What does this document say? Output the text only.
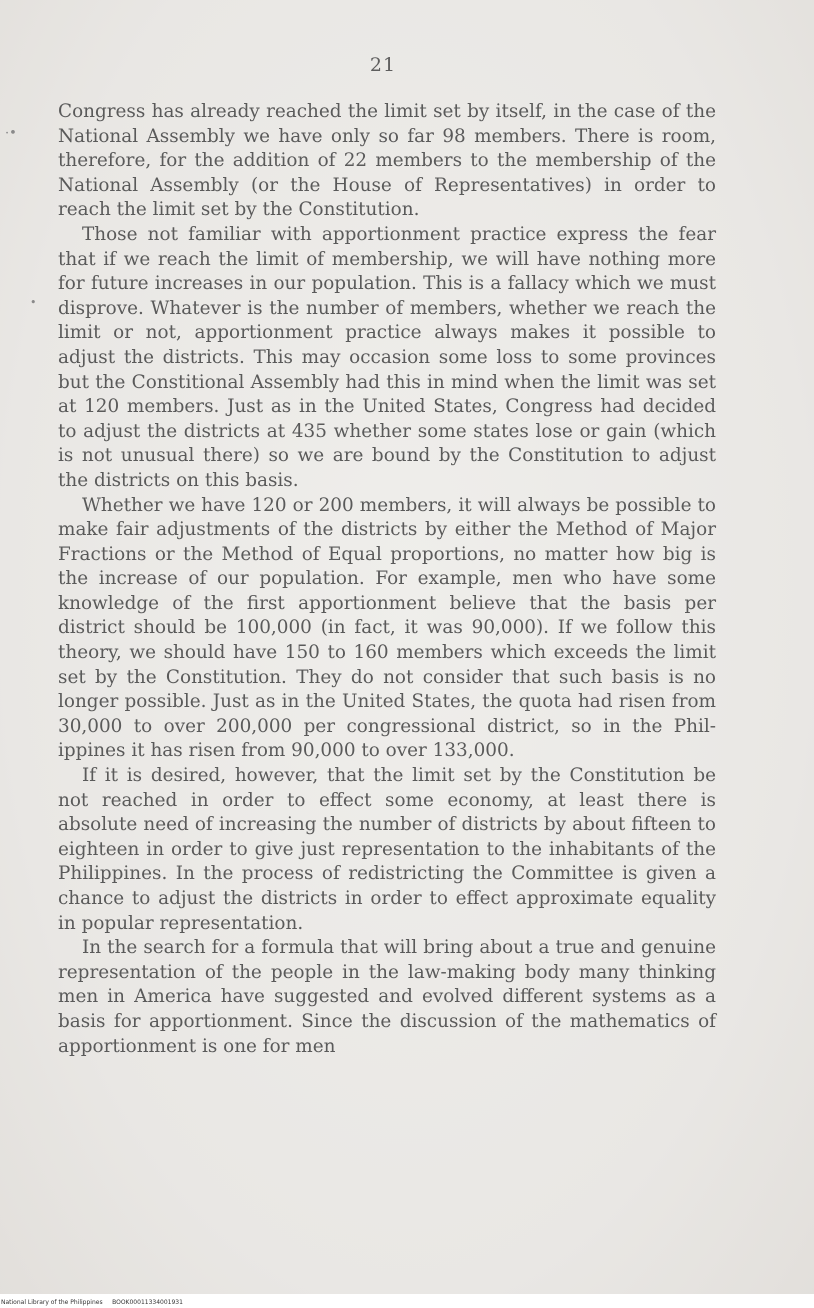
21
·•
•

Congress has already reached the limit set by itself, in the case of the National Assembly we have only so far 98 members. There is room, therefore, for the addition of 22 members to the membership of the National Assembly (or the House of Representatives) in order to reach the limit set by the Constitution.

Those not familiar with apportionment practice express the fear that if we reach the limit of membership, we will have nothing more for future increases in our population. This is a fallacy which we must disprove. Whatever is the number of members, whether we reach the limit or not, apportionment practice always makes it possible to adjust the districts. This may occasion some loss to some provinces but the Constitional Assembly had this in mind when the limit was set at 120 members. Just as in the United States, Congress had decided to adjust the districts at 435 whether some states lose or gain (which is not unusual there) so we are bound by the Constitution to adjust the districts on this basis.

Whether we have 120 or 200 members, it will always be possible to make fair adjustments of the districts by either the Method of Major Fractions or the Method of Equal proportions, no matter how big is the increase of our population. For example, men who have some knowledge of the first apportionment believe that the basis per district should be 100,000 (in fact, it was 90,000). If we follow this theory, we should have 150 to 160 members which exceeds the limit set by the Constitution. They do not consider that such basis is no longer possible. Just as in the United States, the quota had risen from 30,000 to over 200,000 per congressional district, so in the Philippines it has risen from 90,000 to over 133,000.

If it is desired, however, that the limit set by the Constitution be not reached in order to effect some economy, at least there is absolute need of increasing the number of districts by about fifteen to eighteen in order to give just representation to the inhabitants of the Philippines. In the process of redistricting the Committee is given a chance to adjust the districts in order to effect approximate equality in popular representation.

In the search for a formula that will bring about a true and genuine representation of the people in the law-making body many thinking men in America have suggested and evolved different systems as a basis for apportionment. Since the discussion of the mathematics of apportionment is one for men

National Library of the Philippines     BOOK00011334001931
